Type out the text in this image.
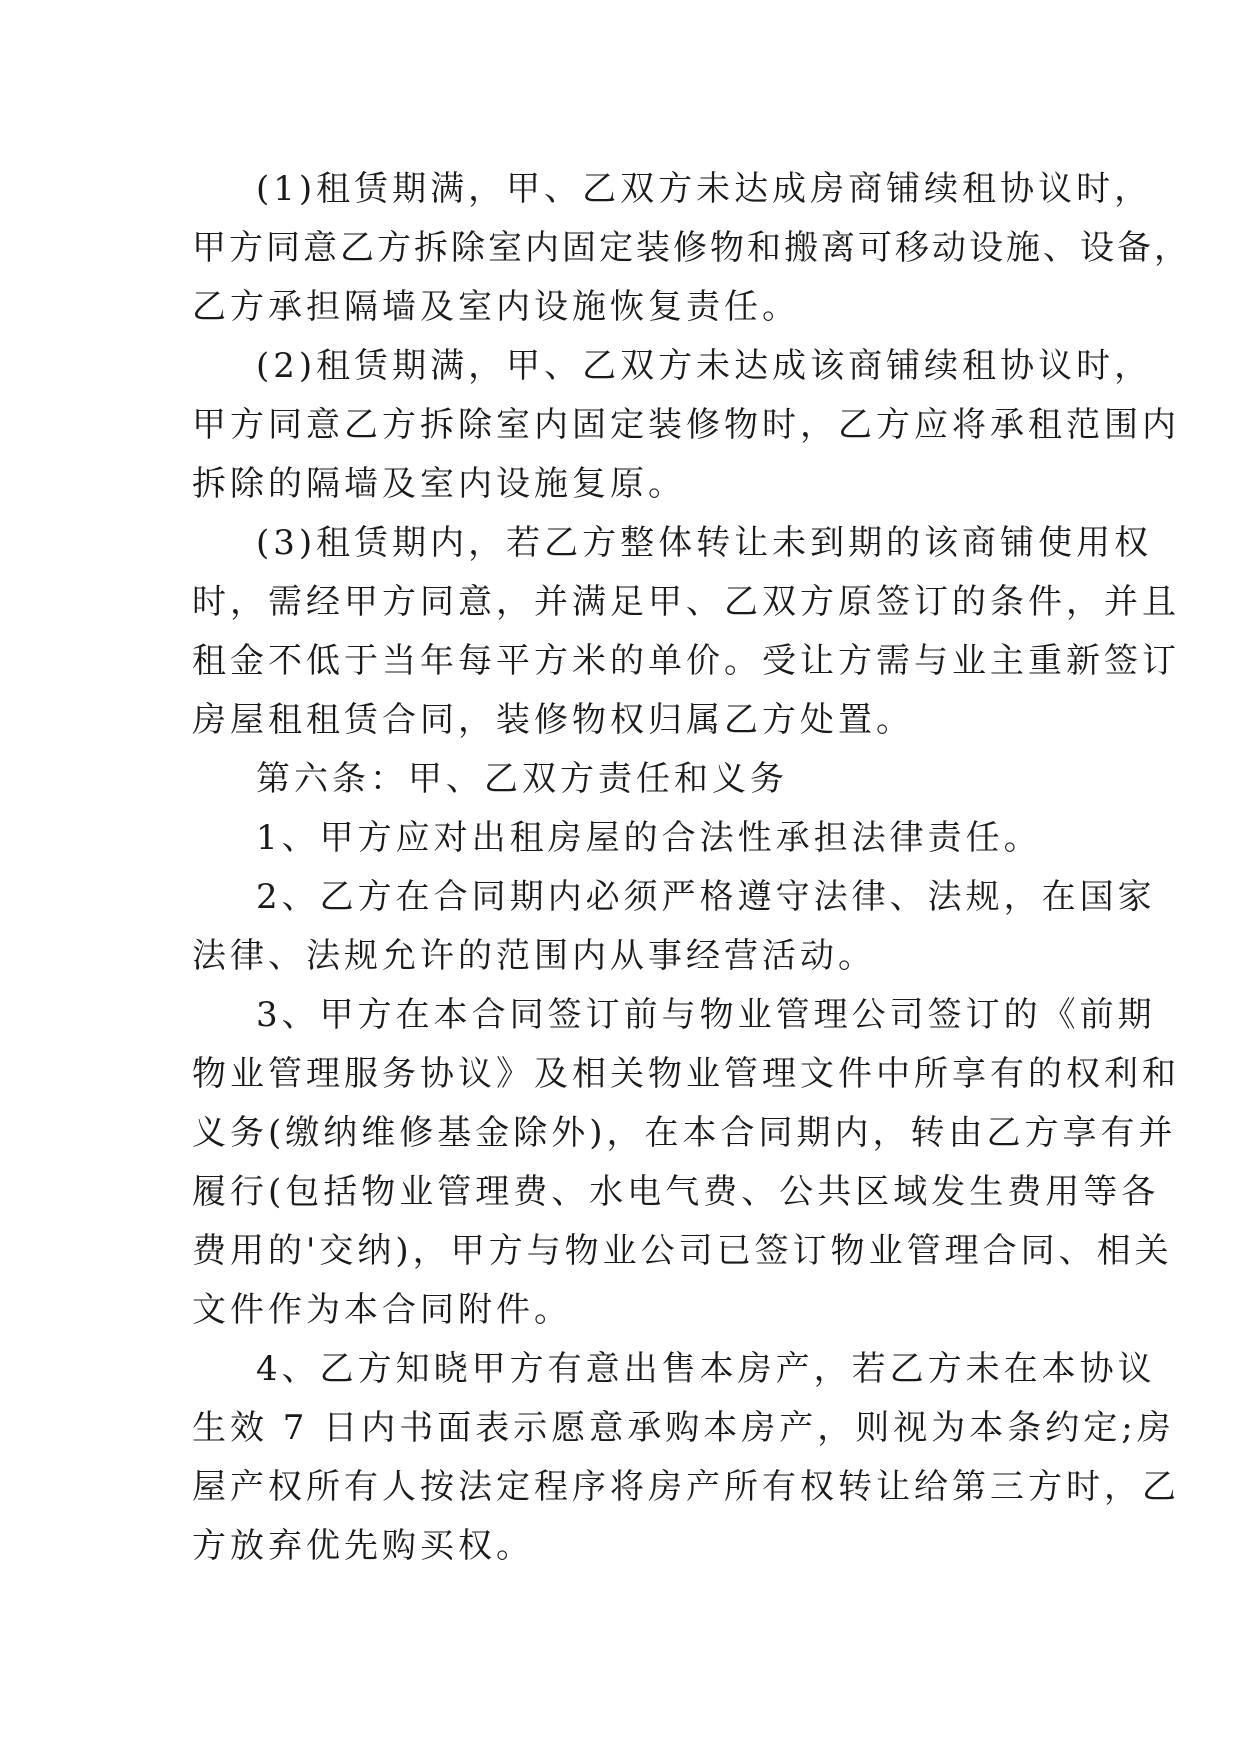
(1)租赁期满，甲、乙双方未达成房商铺续租协议时，
甲方同意乙方拆除室内固定装修物和搬离可移动设施、设备，
乙方承担隔墙及室内设施恢复责任。
(2)租赁期满，甲、乙双方未达成该商铺续租协议时，
甲方同意乙方拆除室内固定装修物时，乙方应将承租范围内
拆除的隔墙及室内设施复原。
(3)租赁期内，若乙方整体转让未到期的该商铺使用权
时，需经甲方同意，并满足甲、乙双方原签订的条件，并且
租金不低于当年每平方米的单价。受让方需与业主重新签订
房屋租租赁合同，装修物权归属乙方处置。
第六条：甲、乙双方责任和义务
1、甲方应对出租房屋的合法性承担法律责任。
2、乙方在合同期内必须严格遵守法律、法规，在国家
法律、法规允许的范围内从事经营活动。
3、甲方在本合同签订前与物业管理公司签订的《前期
物业管理服务协议》及相关物业管理文件中所享有的权利和
义务(缴纳维修基金除外)，在本合同期内，转由乙方享有并
履行(包括物业管理费、水电气费、公共区域发生费用等各
费用的'交纳)，甲方与物业公司已签订物业管理合同、相关
文件作为本合同附件。
4、乙方知晓甲方有意出售本房产，若乙方未在本协议
生效 7 日内书面表示愿意承购本房产，则视为本条约定;房
屋产权所有人按法定程序将房产所有权转让给第三方时，乙
方放弃优先购买权。
